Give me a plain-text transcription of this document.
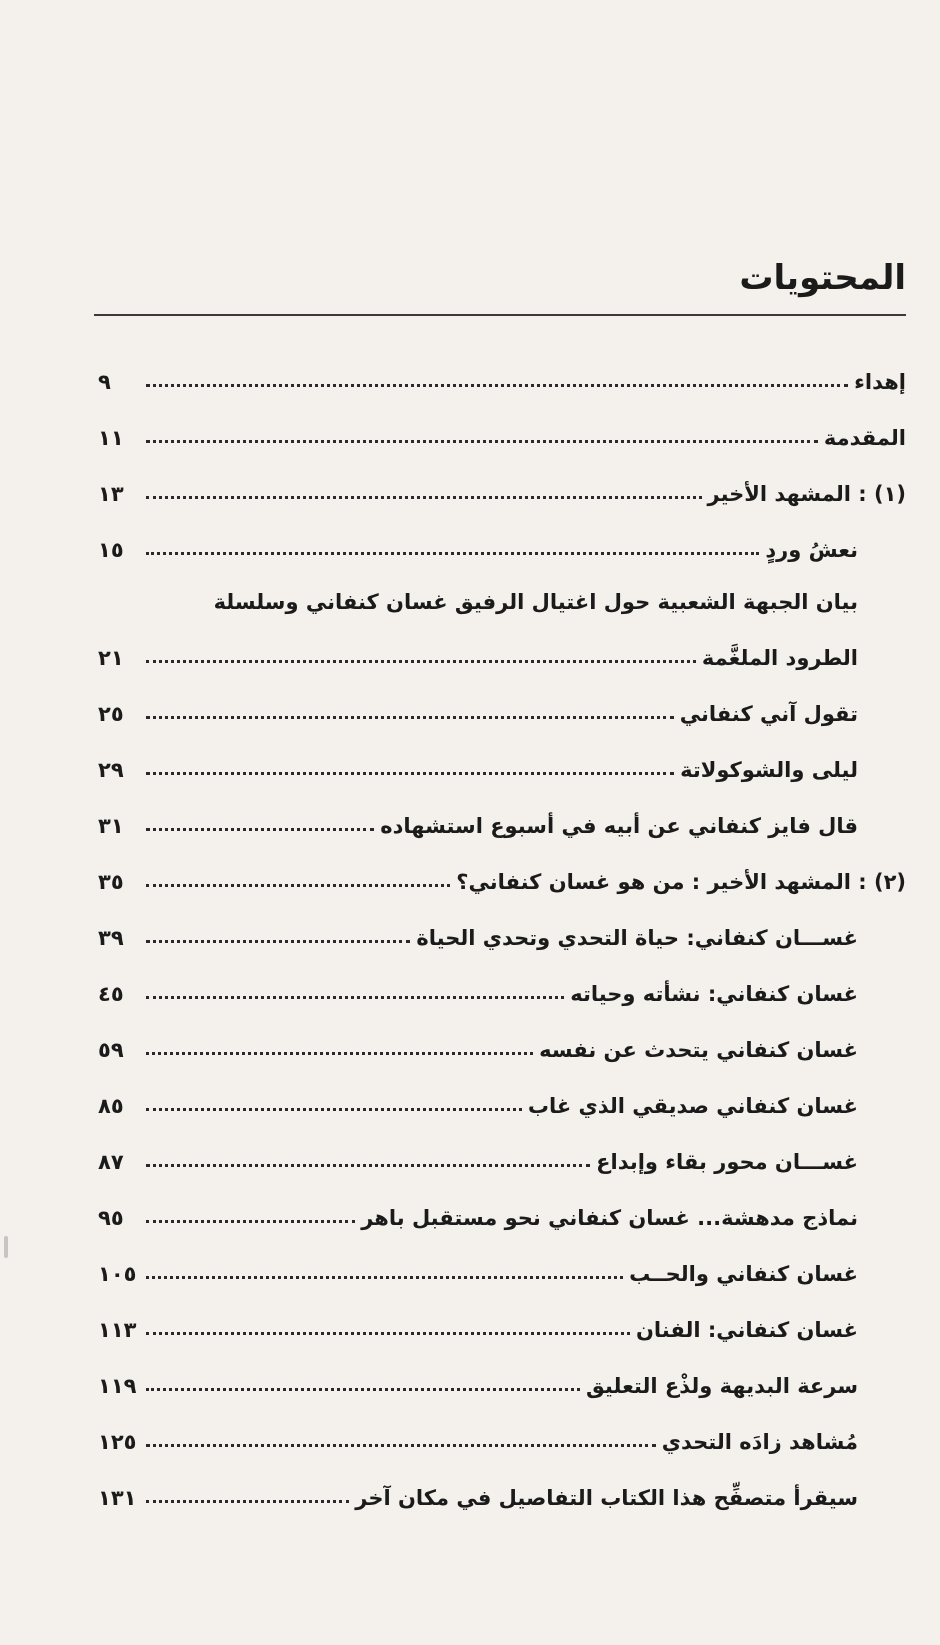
المحتويات
إهداء
٩
المقدمة
١١
(١) : المشهد الأخير
١٣
نعشُ وردٍ
١٥
بيان الجبهة الشعبية حول اغتيال الرفيق غسان كنفاني وسلسلة
الطرود الملغَّمة
٢١
تقول آني كنفاني
٢٥
ليلى والشوكولاتة
٢٩
قال فايز كنفاني عن أبيه في أسبوع استشهاده
٣١
(٢) : المشهد الأخير : من هو غسان كنفاني؟
٣٥
غســـان كنفاني: حياة التحدي وتحدي الحياة
٣٩
غسان كنفاني: نشأته وحياته
٤٥
غسان كنفاني يتحدث عن نفسه
٥٩
غسان كنفاني صديقي الذي غاب
٨٥
غســـان محور بقاء وإبداع
٨٧
نماذج مدهشة... غسان كنفاني نحو مستقبل باهر
٩٥
غسان كنفاني والحــب
١٠٥
غسان كنفاني: الفنان
١١٣
سرعة البديهة ولذْع التعليق
١١٩
مُشاهد زادَه التحدي
١٢٥
سيقرأ متصفِّح هذا الكتاب التفاصيل في مكان آخر
١٣١
